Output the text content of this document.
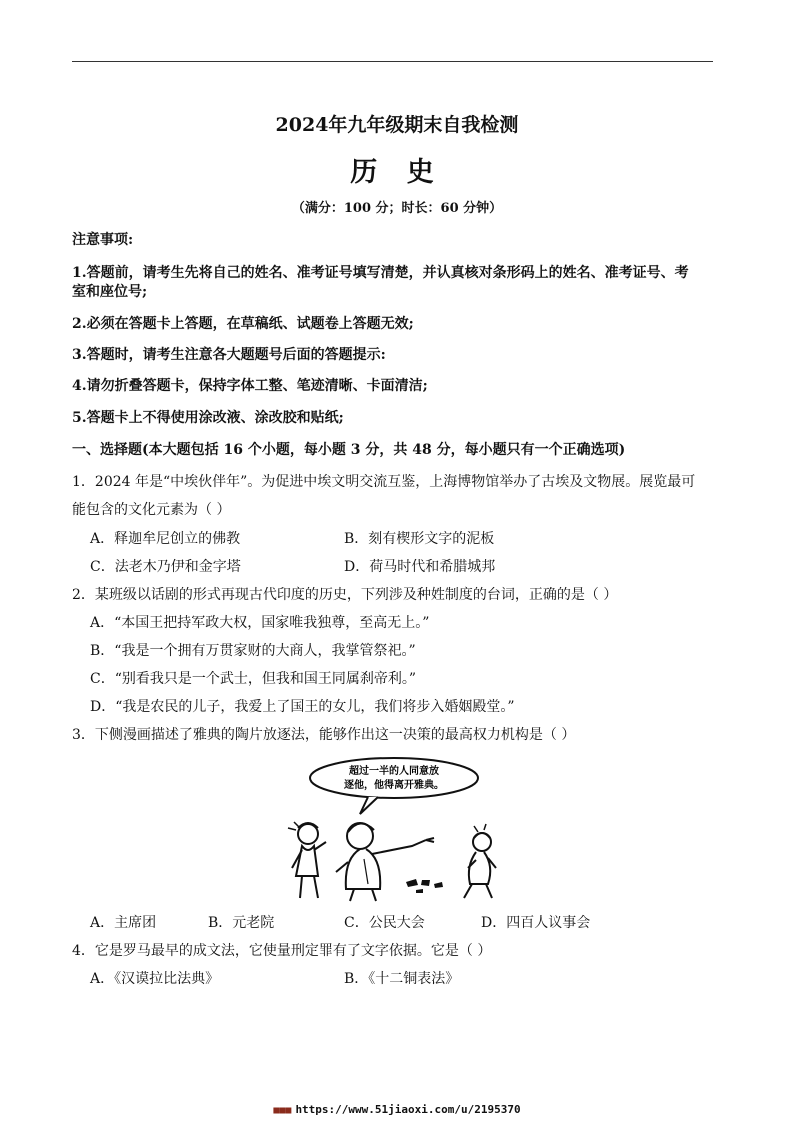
2024年九年级期末自我检测
历 史
（满分：100 分；时长：60 分钟）
注意事项:
1.答题前，请考生先将自己的姓名、准考证号填写清楚，并认真核对条形码上的姓名、准考证号、考
室和座位号;
2.必须在答题卡上答题，在草稿纸、试题卷上答题无效;
3.答题时，请考生注意各大题题号后面的答题提示:
4.请勿折叠答题卡，保持字体工整、笔迹清晰、卡面清洁;
5.答题卡上不得使用涂改液、涂改胶和贴纸;
一、选择题(本大题包括 16 个小题，每小题 3 分，共 48 分，每小题只有一个正确选项)
1．2024 年是“中埃伙伴年”。为促进中埃文明交流互鉴，上海博物馆举办了古埃及文物展。展览最可
能包含的文化元素为（ ）
A．释迦牟尼创立的佛教	B．刻有楔形文字的泥板
C．法老木乃伊和金字塔	D．荷马时代和希腊城邦
2．某班级以话剧的形式再现古代印度的历史，下列涉及种姓制度的台词，正确的是（ ）
A．“本国王把持军政大权，国家唯我独尊，至高无上。”
B．“我是一个拥有万贯家财的大商人，我掌管祭祀。”
C．“别看我只是一个武士，但我和国王同属刹帝利。”
D．“我是农民的儿子，我爱上了国王的女儿，我们将步入婚姻殿堂。”
3．下侧漫画描述了雅典的陶片放逐法，能够作出这一决策的最高权力机构是（ ）
超过一半的人同意放
逐他，他得离开雅典。
A．主席团	B．元老院	C．公民大会	D．四百人议事会
4．它是罗马最早的成文法，它使量刑定罪有了文字依据。它是（ ）
A．《汉谟拉比法典》	B．《十二铜表法》
■■■ https://www.51jiaoxi.com/u/2195370
